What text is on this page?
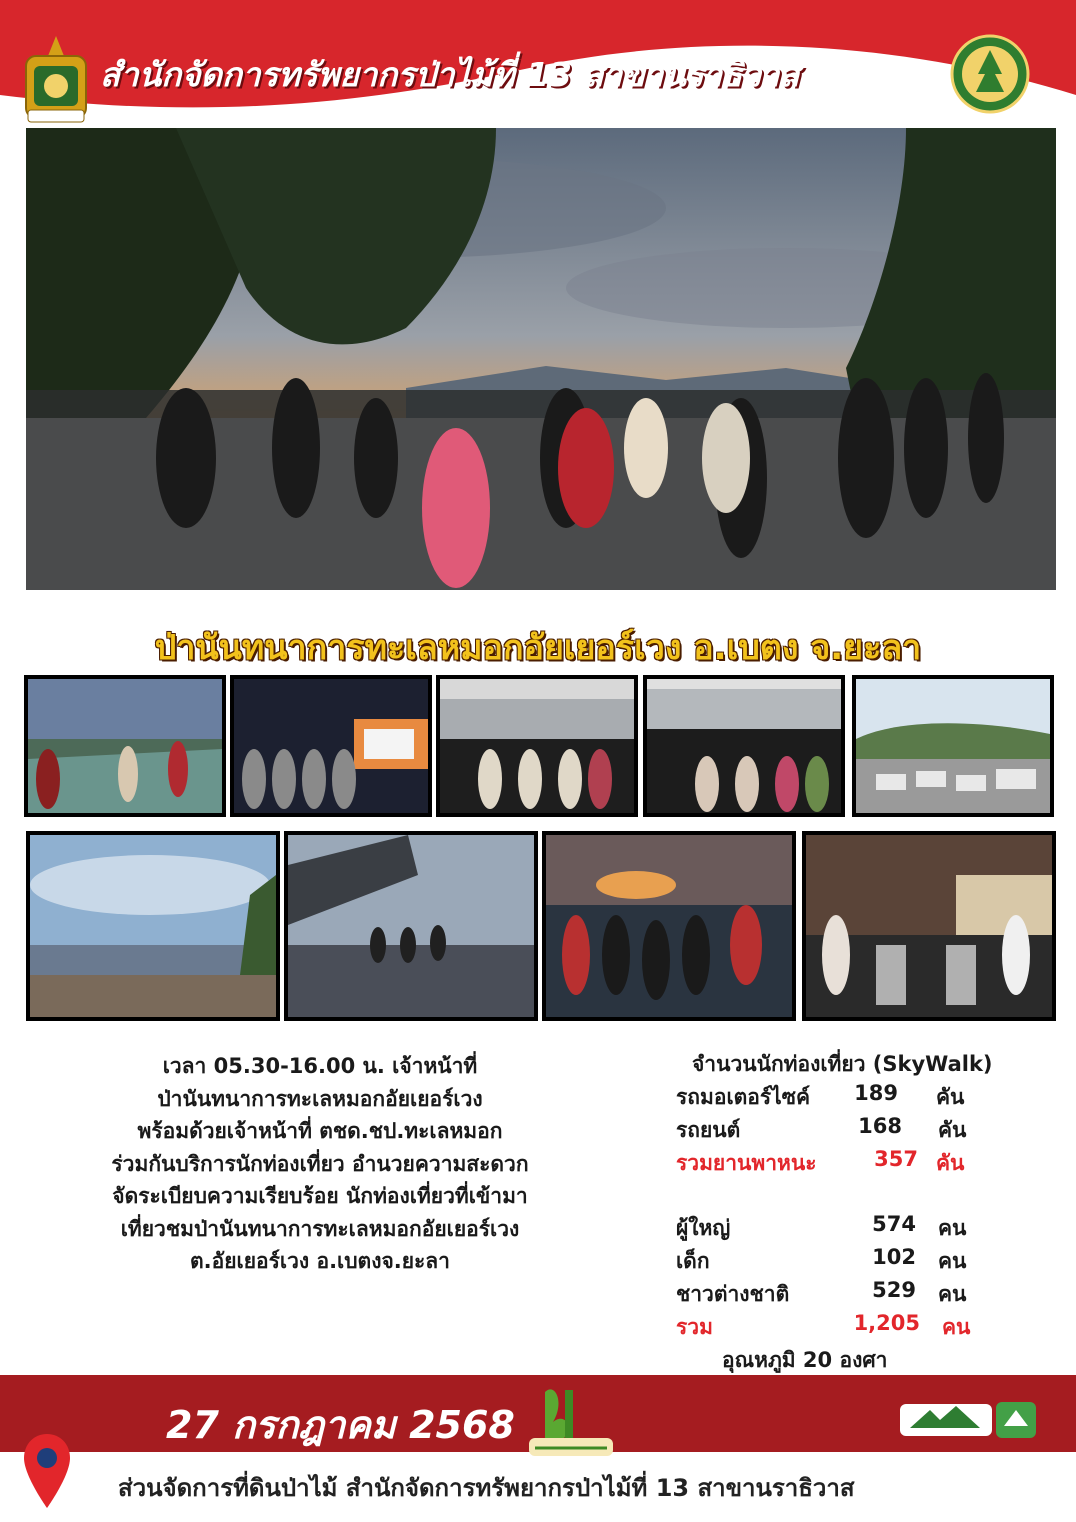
สำนักจัดการทรัพยากรป่าไม้ที่ 13 สาขานราธิวาส
ป่านันทนาการทะเลหมอกอัยเยอร์เวง อ.เบตง จ.ยะลา
เวลา 05.30-16.00 น. เจ้าหน้าที่
ป่านันทนาการทะเลหมอกอัยเยอร์เวง
พร้อมด้วยเจ้าหน้าที่ ตชด.ชป.ทะเลหมอก
ร่วมกันบริการนักท่องเที่ยว อำนวยความสะดวก
จัดระเบียบความเรียบร้อย นักท่องเที่ยวที่เข้ามา
เที่ยวชมป่านันทนาการทะเลหมอกอัยเยอร์เวง
ต.อัยเยอร์เวง อ.เบตงจ.ยะลา
จำนวนนักท่องเที่ยว (SkyWalk)
รถมอเตอร์ไซค์	189 คัน
รถยนต์	168 คัน
รวมยานพาหนะ	357 คัน
ผู้ใหญ่	574 คน
เด็ก	102 คน
ชาวต่างชาติ	529 คน
รวม	1,205 คน
อุณหภูมิ 20 องศา
27 กรกฎาคม 2568
ส่วนจัดการที่ดินป่าไม้ สำนักจัดการทรัพยากรป่าไม้ที่ 13 สาขานราธิวาส
